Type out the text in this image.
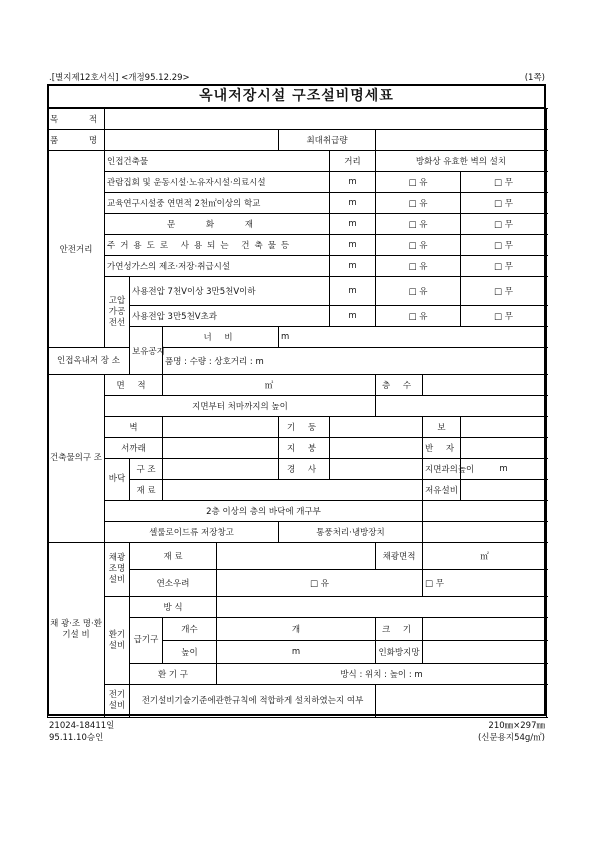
.[별지제12호서식] <개정95.12.29>	(1쪽)
옥내저장시설 구조설비명세표
목 적									
품 명					최대취급량				
안전거리	인접건축물					거리	방화상 유효한 벽의 설치		
	관람집회 및 운동시설·노유자시설·의료시설					m	□ 유		□ 무
	교육연구시설중 연면적 2천㎡이상의 학교					m	□ 유		□ 무
	문 화 재					m	□ 유		□ 무
	주거용도로 사용되는 건축물등					m	□ 유		□ 무
	가연성가스의 제조·저장·취급시설					m	□ 유		□ 무
	고압가공전선	사용전압 7천V이상 3만5천V이하				m	□ 유		□ 무
		사용전압 3만5천V초과				m	□ 유		□ 무
		보유공지	너 비		m				
인접옥내저 장 소			품명 : 수량 : 상호거리 : m						
건축물의구 조	면 적		㎡				층 수		
	지면부터 처마까지의 높이								
	벽				기 둥			보	
	서까래				지 붕			반 자	
	바닥	구 조			경 사			지면과의높이	m
		재 료						저유설비	
	2층 이상의 층의 바닥에 개구부								
	셀룰로이드류 저장창고				통풍처리·냉방장치				
채 광·조 명·환 기설 비	채광조명설비	재 료					채광면적	㎡	
		연소우려		□ 유				□ 무	
	환기설비	방 식							
		급기구	개수	개			크 기		
			높이	m			인화방지망		
		환 기 구		방식 : 위치 : 높이 : m					
	전기설비	전기설비기술기준에관한규칙에 적합하게 설치하였는지 여부							
21024-18411일
95.11.10승인
210㎜×297㎜
(신문용지54g/㎡)
